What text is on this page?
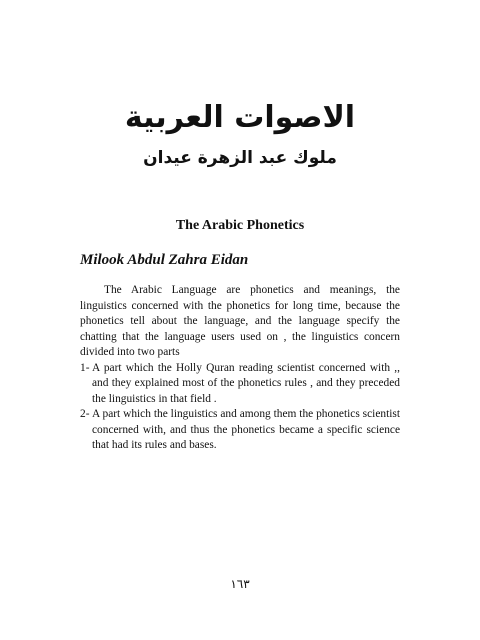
الاصوات العربية
ملوك عبد الزهرة عيدان
The Arabic Phonetics
Milook Abdul Zahra Eidan

The Arabic Language are phonetics and meanings, the linguistics concerned with the phonetics for long time, because the phonetics tell about the language, and the language specify the chatting that the language users used on , the linguistics concern divided into two parts

1- A part which the Holly Quran reading scientist concerned with ,, and they explained most of the phonetics rules , and they preceded the linguistics in that field .
2- A part which the linguistics and among them the phonetics scientist concerned with, and thus the phonetics became a specific science that had its rules and bases.
١٦٣
